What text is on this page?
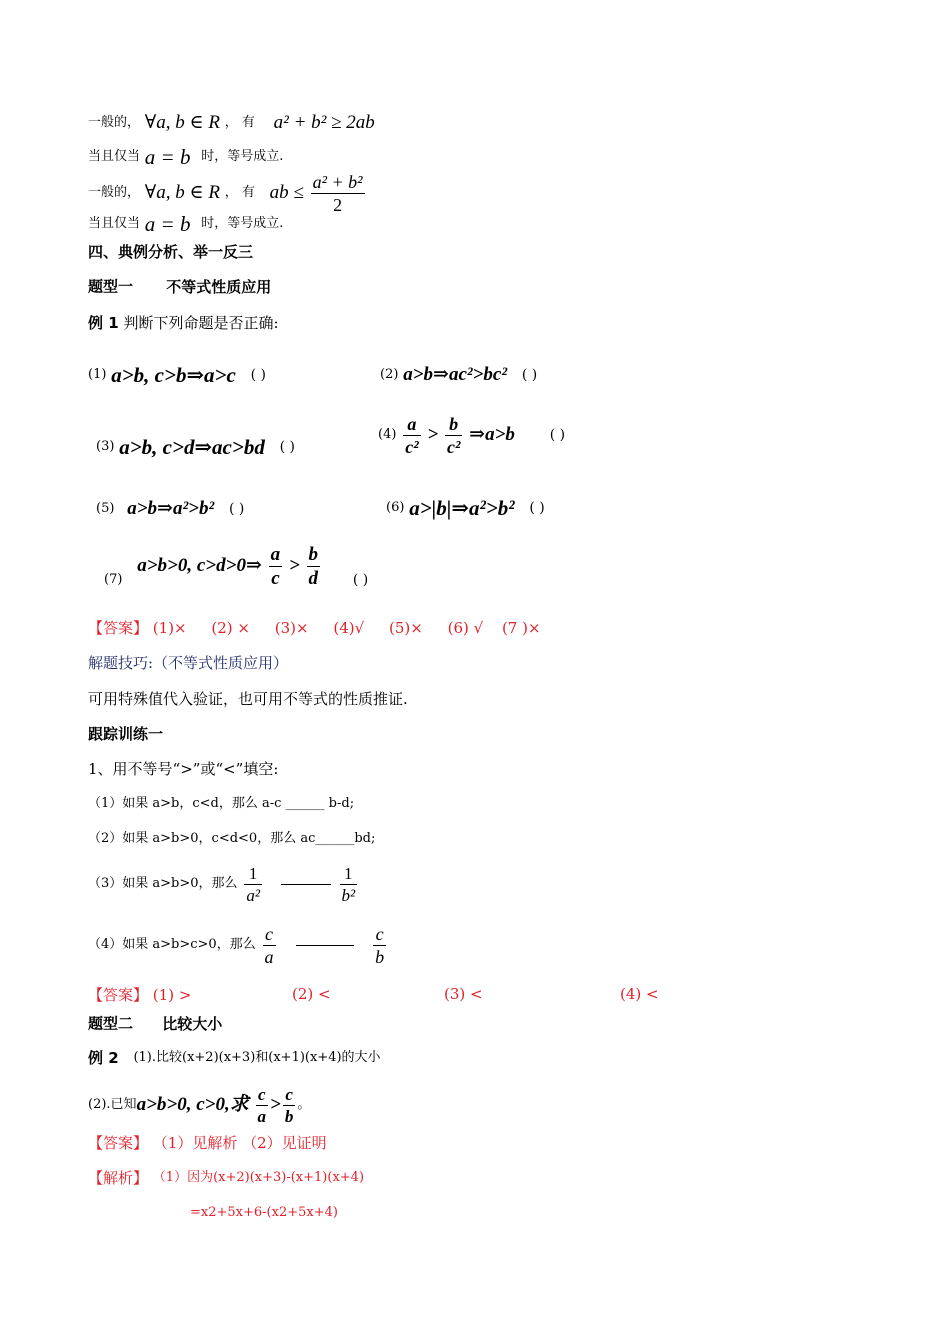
一般的， ∀a, b ∈ R ， 有 a² + b² ≥ 2ab
当且仅当 a = b 时，等号成立.
一般的， ∀a, b ∈ R ， 有 ab ≤ $\frac{\text{a² + b²}}{2}$
当且仅当 a = b 时，等号成立.
四、典例分析、举一反三
题型一 不等式性质应用
例 1 判断下列命题是否正确:
(1) a>b, c>b⇒a>c ( )	(2) a>b⇒ac²>bc² ( )
(3) a>b, c>d⇒ac>bd ( )
$(4) \frac{a}{\text{c²}} > \frac{b}{\text{c²}}$ ⇒a>b ( )
(5) a>b⇒a²>b² ( )	(6) a>|b|⇒a²>b² ( )
(7) a>b>0, c>d>0⇒ $\frac{a}{c} > \frac{b}{d}$ ( )
【答案】 (1)× (2) × (3)× (4)√ (5)× (6) √ (7 )×
解题技巧:（不等式性质应用）
可用特殊值代入验证，也可用不等式的性质推证.
跟踪训练一
1、用不等号“>”或“<”填空:
（1）如果 a>b，c<d，那么 a-c ______ b-d;
（2）如果 a>b>0，c<d<0，那么 ac______bd;
（3）如果 a>b>0，那么 $\frac{1}{\text{a²}}$
	$\frac{1}{\text{b²}}$
（4）如果 a>b>c>0，那么 $\frac{c}{a}$
	$\frac{c}{b}$
【答案】 (1) >	(2) <	(3) <	(4) <
题型二 比较大小
例 2 (1).比较(x+2)(x+3)和(x+1)(x+4)的大小
(2).已知a>b>0, c>0,求 $\frac{c}{a} > \frac{c}{b}$ 。
【答案】 （1）见解析 （2）见证明
【解析】 （1）因为(x+2)(x+3)-(x+1)(x+4)
=x2+5x+6-(x2+5x+4)
